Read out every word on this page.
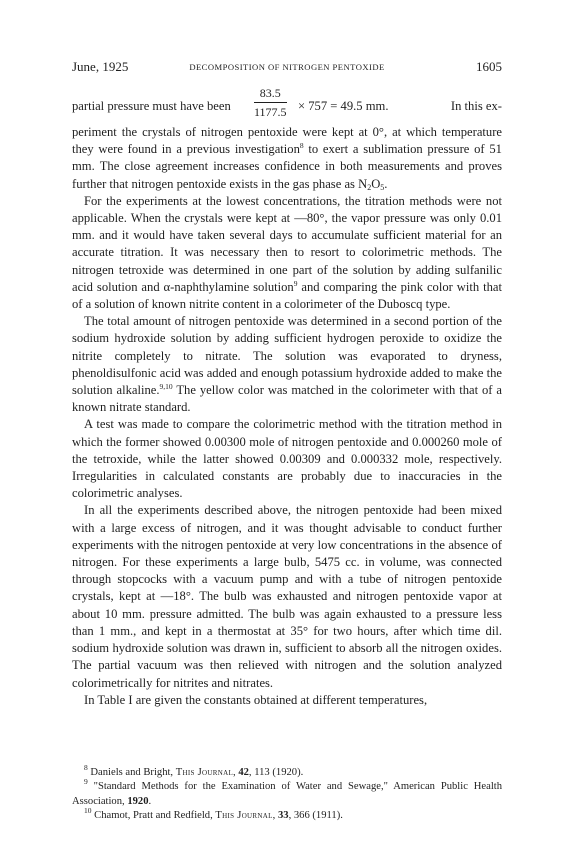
June, 1925	DECOMPOSITION OF NITROGEN PENTOXIDE	1605
partial pressure must have been $\frac{83.5}{1177.5} \times 757 = 49.5$ mm.	In this ex-

periment the crystals of nitrogen pentoxide were kept at 0°, at which temperature they were found in a previous investigation$^8$ to exert a sublimation pressure of 51 mm. The close agreement increases confidence in both measurements and proves further that nitrogen pentoxide exists in the gas phase as $N_2O_5$.

For the experiments at the lowest concentrations, the titration methods were not applicable. When the crystals were kept at —80°, the vapor pressure was only 0.01 mm. and it would have taken several days to accumulate sufficient material for an accurate titration. It was necessary then to resort to colorimetric methods. The nitrogen tetroxide was determined in one part of the solution by adding sulfanilic acid solution and α-naphthylamine solution$^9$ and comparing the pink color with that of a solution of known nitrite content in a colorimeter of the Duboscq type.

The total amount of nitrogen pentoxide was determined in a second portion of the sodium hydroxide solution by adding sufficient hydrogen peroxide to oxidize the nitrite completely to nitrate. The solution was evaporated to dryness, phenoldisulfonic acid was added and enough potassium hydroxide added to make the solution alkaline.$^{9,10}$ The yellow color was matched in the colorimeter with that of a known nitrate standard.

A test was made to compare the colorimetric method with the titration method in which the former showed 0.00300 mole of nitrogen pentoxide and 0.000260 mole of the tetroxide, while the latter showed 0.00309 and 0.000332 mole, respectively. Irregularities in calculated constants are probably due to inaccuracies in the colorimetric analyses.

In all the experiments described above, the nitrogen pentoxide had been mixed with a large excess of nitrogen, and it was thought advisable to conduct further experiments with the nitrogen pentoxide at very low concentrations in the absence of nitrogen. For these experiments a large bulb, 5475 cc. in volume, was connected through stopcocks with a vacuum pump and with a tube of nitrogen pentoxide crystals, kept at —18°. The bulb was exhausted and nitrogen pentoxide vapor at about 10 mm. pressure admitted. The bulb was again exhausted to a pressure less than 1 mm., and kept in a thermostat at 35° for two hours, after which time dil. sodium hydroxide solution was drawn in, sufficient to absorb all the nitrogen oxides. The partial vacuum was then relieved with nitrogen and the solution analyzed colorimetrically for nitrites and nitrates.

In Table I are given the constants obtained at different temperatures,

$^8$ Daniels and Bright, This Journal, 42, 113 (1920).

$^9$ "Standard Methods for the Examination of Water and Sewage," American Public Health Association, 1920.

$^{10}$ Chamot, Pratt and Redfield, This Journal, 33, 366 (1911).
